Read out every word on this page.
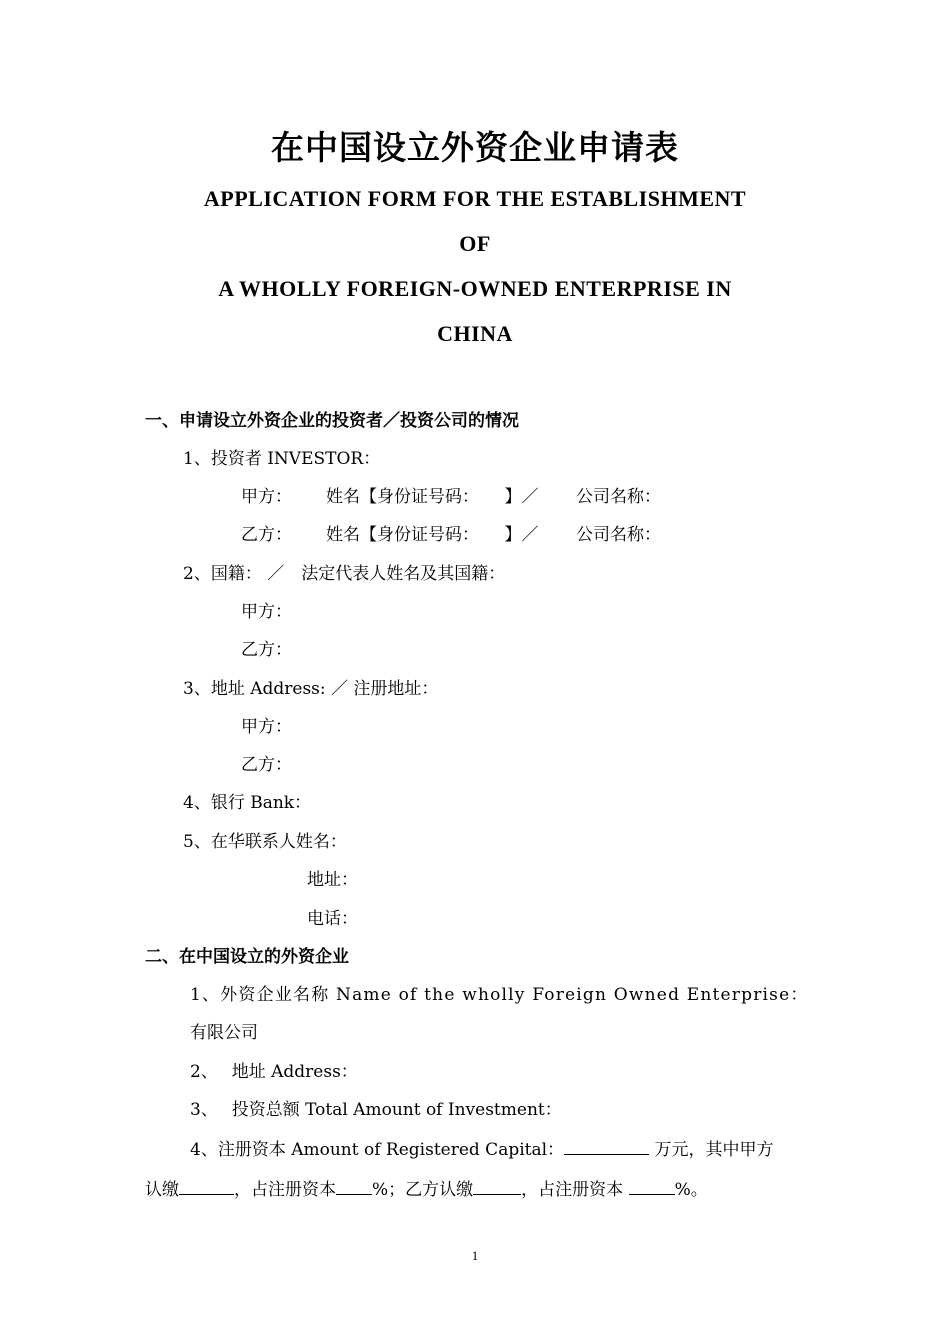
在中国设立外资企业申请表
APPLICATION FORM FOR THE ESTABLISHMENT
OF
A WHOLLY FOREIGN-OWNED ENTERPRISE IN
CHINA
一、申请设立外资企业的投资者／投资公司的情况
1、投资者 INVESTOR：
甲方： 姓名【身份证号码：　　】／ 公司名称：
乙方： 姓名【身份证号码：　　】／ 公司名称：
2、国籍： ／　法定代表人姓名及其国籍：
甲方：
乙方：
3、地址 Address: ／ 注册地址：
甲方：
乙方：
4、银行 Bank：
5、在华联系人姓名：
地址：
电话：
二、在中国设立的外资企业
1、外资企业名称 Name of the wholly Foreign Owned Enterprise：
有限公司
2、　 地址 Address：
3、　 投资总额 Total Amount of Investment：
4、注册资本 Amount of Registered Capital：	万元，其中甲方
认缴	，占注册资本 %；乙方认缴	，占注册资本	%。
1
